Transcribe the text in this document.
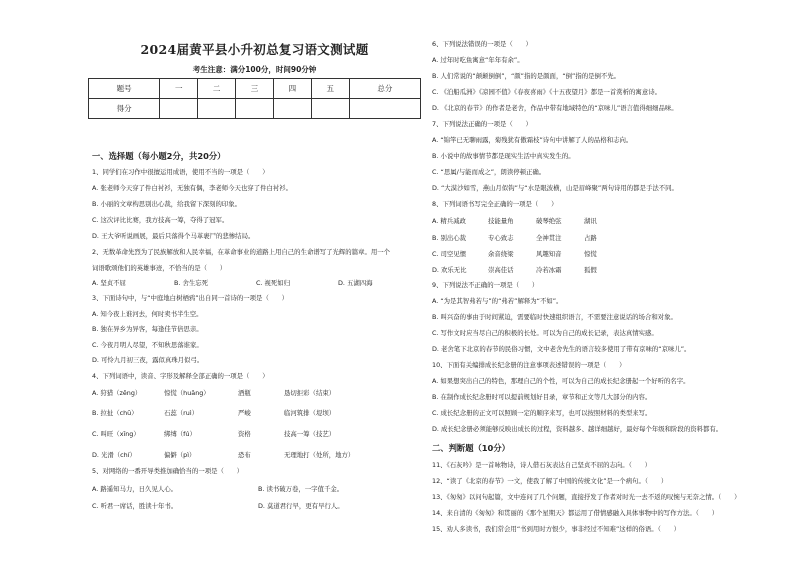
2024届黄平县小升初总复习语文测试题
考生注意：满分100分，时间90分钟
题号	一	二	三	四	五	总分
得分						
一、选择题（每小题2分，共20分）
1、同学们在习作中很擅运用成语，使用不当的一项是（　　）
A. 张老师今天穿了件白衬衫，无独有偶，李老师今天也穿了件白衬衫。
B. 小丽的文章构思别出心裁，给我留下深刻的印象。
C. 这次评比比赛，我方技高一筹，夺得了冠军。
D. 王大爷听说画展，最后只落得个马革裹尸的悲惨结局。
2、无数革命先烈为了民族解放和人民幸福，在革命事业的道路上用自己的生命谱写了光辉的篇章。用一个
词语歌颂他们的英雄事迹，不恰当的是（　　）
A. 坚贞不屈	B. 舍生忘死	C. 视死如归	D. 五湖四海
3、下面诗句中，与“中庭地白树栖鸦”出自同一首诗的一项是（　　）
A. 知今夜上谁河去，何时卖书半生空。
B. 独在异乡为异客，每逢佳节倍思亲。
C. 今夜月明人尽望，不知秋思落谁家。
D. 可怜九月初三夜，露似真珠月似弓。
4、下列词语中，读音、字形及解释全部正确的一项是（　　）
A. 狩猎（zēng）	惊慌（huāng）	酒瓶	恳切拒彩（结束）
B. 拉扯（chū）	石蕊（ruì）	严峻	临河筑排（堤坝）
C. 叫旺（xīng）	绑缚（fú）	资格	技高一筹（技艺）
D. 光滑（chí）	偏僻（pì）	恐布	无理地打（处所，地方）
5、对网络的一番开导类推加确恰当的一项是（　　）
A. 路遥知马力，日久见人心。	B. 读书破万卷，一字值千金。
C. 听君一席话，胜读十年书。	D. 莫道君行早，更有早行人。
6、下列说法错误的一项是（　　）
A. 过年时吃鱼寓意“年年有余”。
B. 人们常说的“颠颠倒倒”，“颜”指的是颜面，“倒”指的是倒不先。
C. 《泊船瓜洲》《凉园不值》《春夜喜雨》《十五夜望月》都是一首赏析的寓意诗。
D. 《北京的春节》的作者是老舍，作品中带有地域特色的“京味儿”语言值得细细品味。
7、下列说法正确的一项是（　　）
A. “锦竿已无聊雨露，菊残犹有傲霜枝”诗句中讲解了人的品格和志向。
B. 小说中的故事情节都是现实生活中真实发生的。
C. “思属/与能而成之”，朗读停顿正确。
D. “大漠沙如雪，燕山月似钩”与“水是眼波横，山是眉峰聚”两句诗用的都是手法不同。
8、下列词语书写完全正确的一项是（　　）
A. 精兵减政	技能量角	破琴绝弦	湖讯
B. 别出心裁	专心致志	全神贯注	占路
C. 司空见惯	余音绕梁	风趣知音	惊慌
D. 欢乐无比	崇高佳话	冷若冰霜	狐假
9、下列说法不正确的一项是（　　）
A. “为是其智弗若与”的“弗若”解释为“不如”。
B. 叫兴奋的事由于时间紧迫，需要临时快速组织语言，不需要注意说话的场合和对象。
C. 写作文时应当尽自己的积极的长处。可以为自己的成长记录，表达真情实感。
D. 老舍笔下北京的春节的民俗习惯，文中老舍先生的语言较多使用了带有京味的“京味儿”。
10、下面有关编排成长纪念册的注意事项表述错误的一项是（　　）
A. 如果想突出自己的特色，那理自己的个性，可以为自己的成长纪念册起一个好听的名字。
B. 在制作成长纪念册时可以提前规划好目录，章节和正文等几大部分的内容。
C. 成长纪念册的正文可以照顾一定的顺序来写，也可以按照材料的类型来写。
D. 成长纪念册必须能够反映出成长的过程，资料越多、越详细越好，最好每个年级和阶段的资料都有。
二、判断题（10分）
11、《石灰吟》是一首咏物诗，诗人借石灰表达自己坚贞不屈的志向。（　　）
12、“读了《北京的春节》一文，使我了解了中国的传统文化”是一个病句。（　　）
13、《匆匆》以问句起篇，文中连问了几个问题，直接抒发了作者对时光一去不返的叹惋与无奈之情。（　　）
14、来自清的《匆匆》和贯丽的《那个星期天》都运用了借情感融入具体事物中的写作方法。（　　）
15、劝人多读书，我们常会用“书到用时方恨少，事非经过不知难”这样的俗语。（　　）
